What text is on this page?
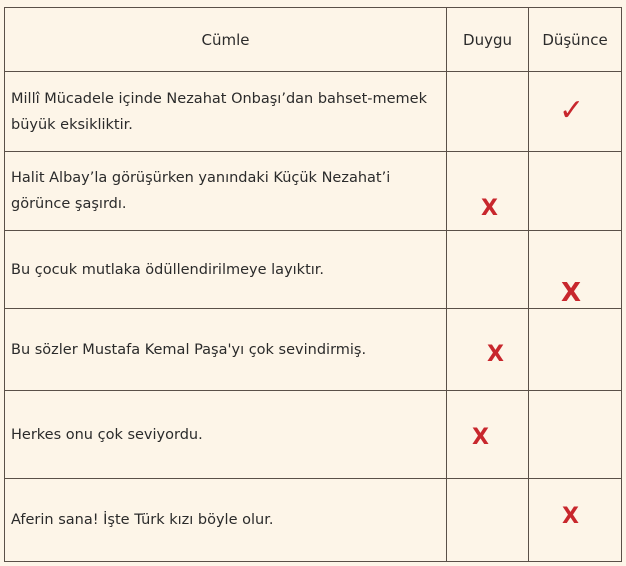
Cümle	Duygu	Düşünce
Millî Mücadele içinde Nezahat Onbaşı’dan bahset-memek büyük eksikliktir.		✓

Halit Albay’la görüşürken yanındaki Küçük Nezahat’i görünce şaşırdı.	X	

Bu çocuk mutlaka ödüllendirilmeye layıktır.		X

Bu sözler Mustafa Kemal Paşa'yı çok sevindirmiş.	X	

Herkes onu çok seviyordu.	X	

Aferin sana! İşte Türk kızı böyle olur.		X
